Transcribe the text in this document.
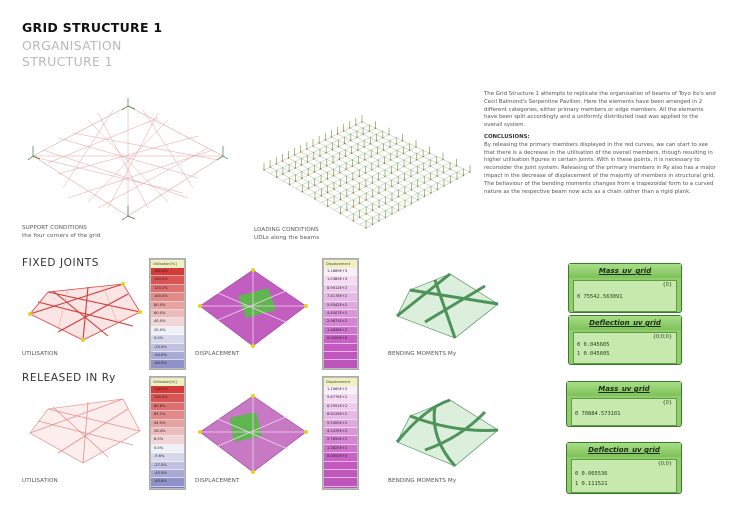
GRID STRUCTURE 1
ORGANISATION
STRUCTURE 1
SUPPORT CONDITIONS
the four corners of the grid
LOADING CONDITIONS
UDLs along the beams
The Grid Structure 1 attempts to replicate the organisation of beams of Toyo Ito's and Cecil Balmond's Serpentine Pavilion. Here the elements have been arranged in 2 different categories, either primary members or edge members. All the elements have been split accordingly and a uniformly distributed load was applied to the overall system.
CONCLUSIONS:
By releasing the primary members displayed in the red curves, we can start to see that there is a decrease in the utilisation of the overall members, though resulting in higher utilisation figures in certain joints. With in these points, it is necessary to reconsider the joint system. Releasing of the primary members in Ry also has a major impact in the decrease of displacement of the majority of members in structural grid. The behaviour of the bending moments changes from a trapezoidal form to a curved nature as the respective beam now acts as a chain rather than a rigid plank.
FIXED JOINTS
RELEASED IN Ry
UTILISATION
Utilisation[%]
160.4%
140.3%
120.2%
100.0%
80.0%
60.0%
40.0%
20.0%
0.0%
-20.0%
-40.0%
-60.0%
DISPLACEMENT
Displacement
1.1869E+3
1.0385E+3
8.9012E+2
7.4178E+2
5.9342E+2
4.4507E+2
2.9671E+2
1.4836E+2
0.0000E+0
BENDING MOMENTS My
Mass_uv_grid
{0}
0 75542.563091
Deflection_uv grid
{0;0;0}
0 0.045605
1 0.045605
UTILISATION
Utilisation[%]
118.2%
100.0%
80.6%
62.1%
44.5%
26.4%
8.5%
0.0%
-9.6%
-27.5%
-45.5%
-63.6%	DISPLACEMENT
Displacement
1.1060E+3
9.6776E+2
8.2951E+2
6.9126E+2
5.5300E+2
4.1475E+2
2.7650E+2
1.3825E+2
0.0000E+0
BENDING MOMENTS My
Mass_uv grid
{0}
0 70884.573101
Deflection_uv grid
{0;0}
0 0.065536
1 0.111521
